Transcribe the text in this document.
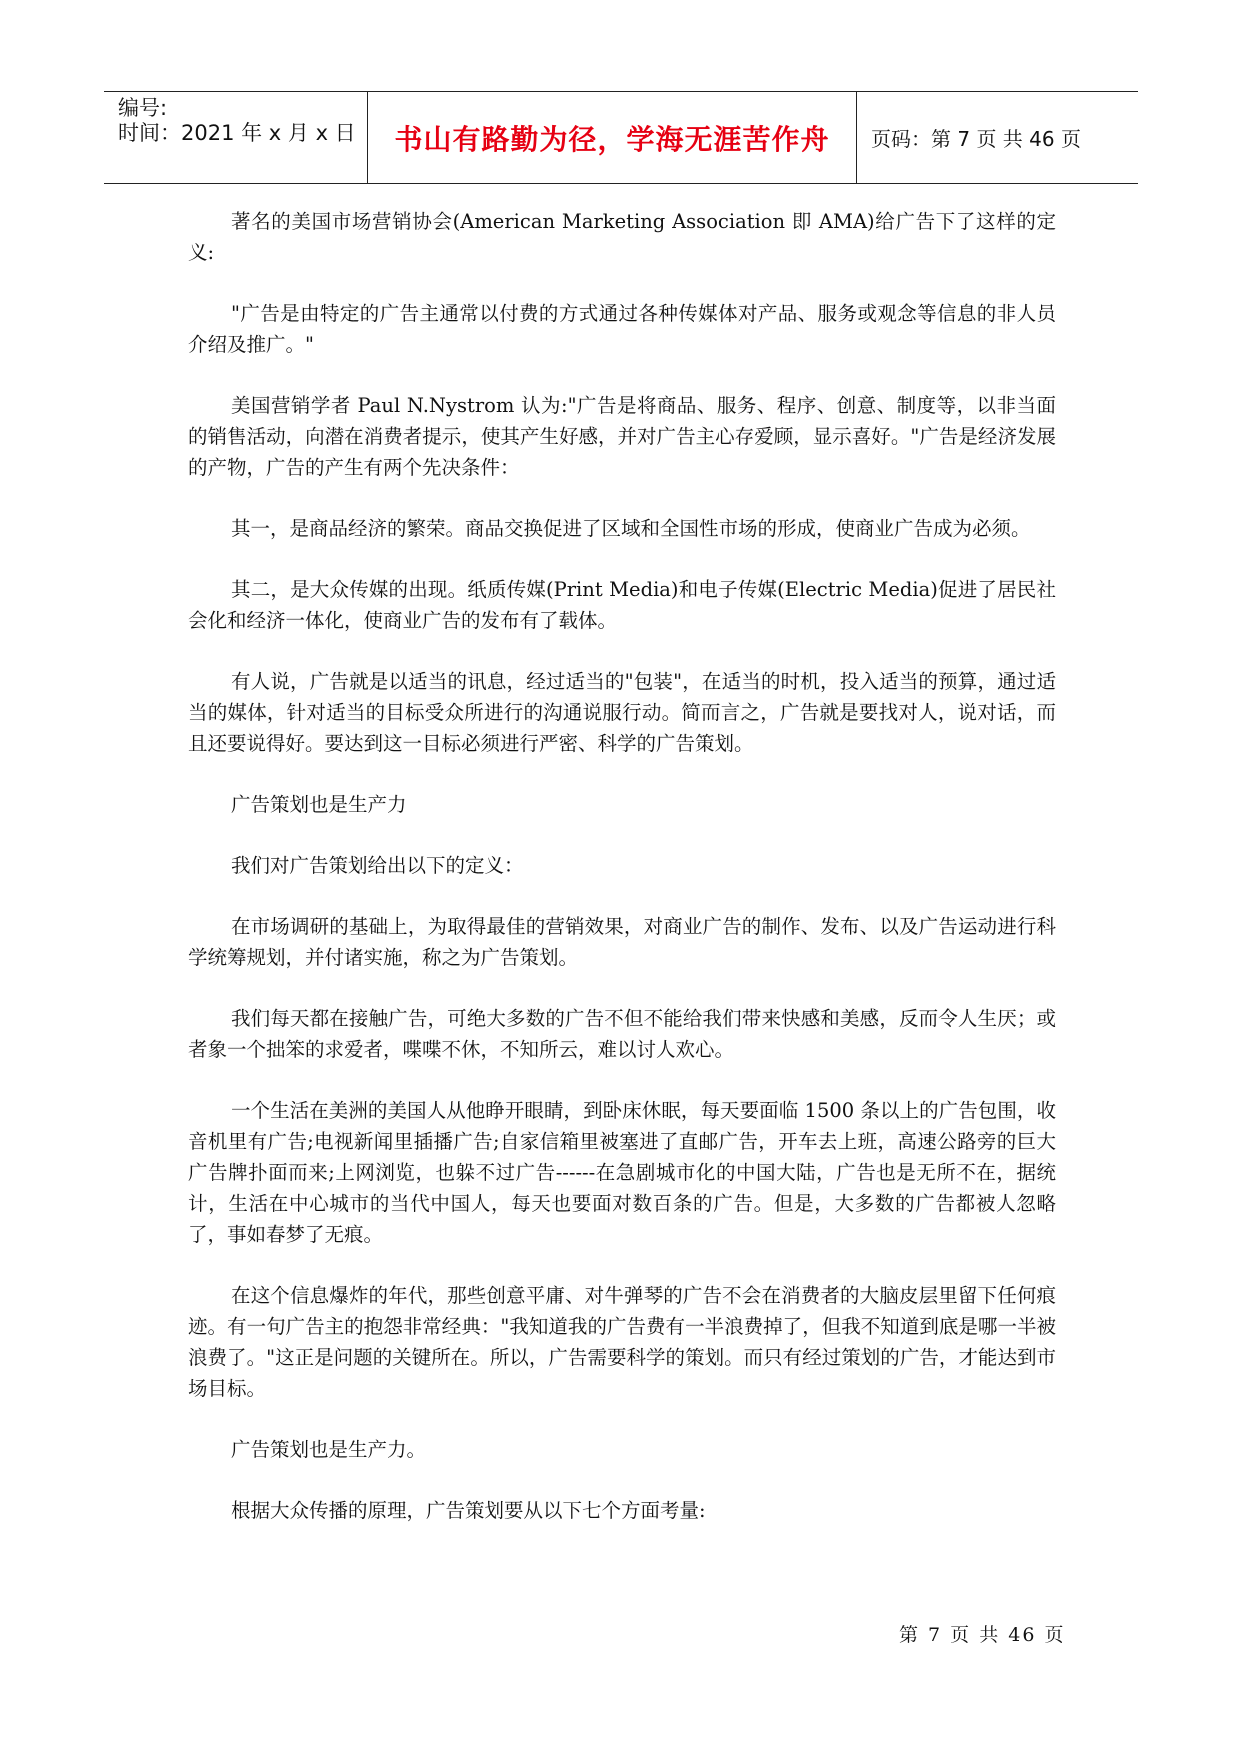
编号:
时间：2021 年 x 月 x 日 书山有路勤为径，学海无涯苦作舟 页码：第 7 页 共 46 页

著名的美国市场营销协会(American Marketing Association 即 AMA)给广告下了这样的定义:

"广告是由特定的广告主通常以付费的方式通过各种传媒体对产品、服务或观念等信息的非人员介绍及推广。"

美国营销学者 Paul N.Nystrom 认为:"广告是将商品、服务、程序、创意、制度等，以非当面的销售活动，向潜在消费者提示，使其产生好感，并对广告主心存爱顾，显示喜好。"广告是经济发展的产物，广告的产生有两个先决条件：

其一，是商品经济的繁荣。商品交换促进了区域和全国性市场的形成，使商业广告成为必须。

其二，是大众传媒的出现。纸质传媒(Print Media)和电子传媒(Electric Media)促进了居民社会化和经济一体化，使商业广告的发布有了载体。

有人说，广告就是以适当的讯息，经过适当的"包装"，在适当的时机，投入适当的预算，通过适当的媒体，针对适当的目标受众所进行的沟通说服行动。简而言之，广告就是要找对人，说对话，而且还要说得好。要达到这一目标必须进行严密、科学的广告策划。

广告策划也是生产力

我们对广告策划给出以下的定义：

在市场调研的基础上，为取得最佳的营销效果，对商业广告的制作、发布、以及广告运动进行科学统筹规划，并付诸实施，称之为广告策划。

我们每天都在接触广告，可绝大多数的广告不但不能给我们带来快感和美感，反而令人生厌；或者象一个拙笨的求爱者，喋喋不休，不知所云，难以讨人欢心。

一个生活在美洲的美国人从他睁开眼睛，到卧床休眠，每天要面临 1500 条以上的广告包围，收音机里有广告;电视新闻里插播广告;自家信箱里被塞进了直邮广告，开车去上班，高速公路旁的巨大广告牌扑面而来;上网浏览，也躲不过广告------在急剧城市化的中国大陆，广告也是无所不在，据统计，生活在中心城市的当代中国人，每天也要面对数百条的广告。但是，大多数的广告都被人忽略了，事如春梦了无痕。

在这个信息爆炸的年代，那些创意平庸、对牛弹琴的广告不会在消费者的大脑皮层里留下任何痕迹。有一句广告主的抱怨非常经典："我知道我的广告费有一半浪费掉了，但我不知道到底是哪一半被浪费了。"这正是问题的关键所在。所以，广告需要科学的策划。而只有经过策划的广告，才能达到市场目标。

广告策划也是生产力。

根据大众传播的原理，广告策划要从以下七个方面考量:

第 7 页 共 46 页
